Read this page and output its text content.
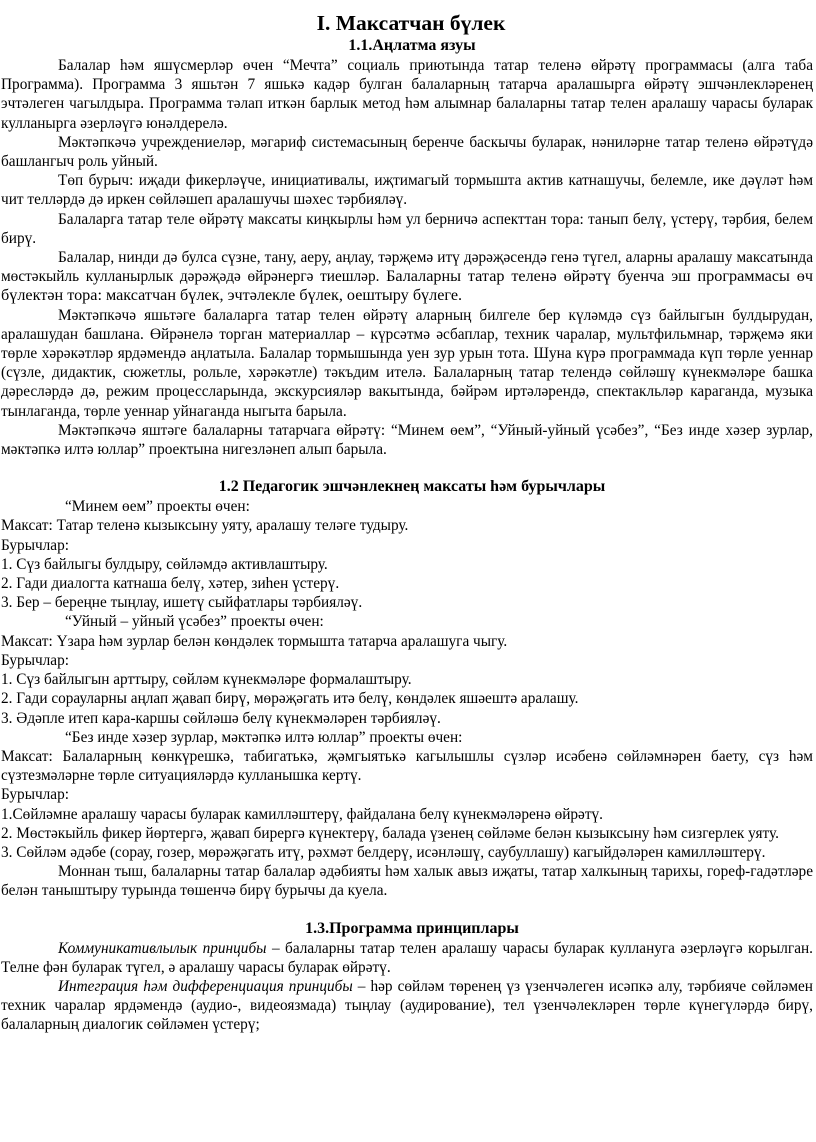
I. Максатчан бүлек
1.1.Аңлатма язуы

Балалар һәм яшүсмерләр өчен “Мечта” социаль приютында татар теленә өйрәтү программасы (алга таба Программа). Программа 3 яшьтән 7 яшькә кадәр булган балаларның татарча аралашырга өйрәтү эшчәнлекләренең эчтәлеген чагылдыра. Программа тәлап иткән барлык метод һәм алымнар балаларны татар телен аралашу чарасы буларак кулланырга әзерләүгә юнәлдерелә.

Мәктәпкәчә учреждениеләр, мәгариф системасының беренче баскычы буларак, нәниләрне татар теленә өйрәтүдә башлангыч роль уйный.

Төп бурыч: иҗади фикерләүче, инициативалы, иҗтимагый тормышта актив катнашучы, белемле, ике дәүләт һәм чит телләрдә дә иркен сөйләшеп аралашучы шәхес тәрбияләү.

Балаларга татар теле өйрәтү максаты киңкырлы һәм ул берничә аспекттан тора: танып белү, үстерү, тәрбия, белем бирү.

Балалар, нинди дә булса сүзне, тану, аеру, аңлау, тәрҗемә итү дәрәҗәсендә генә түгел, аларны аралашу максатында мөстәкыйль кулланырлык дәрәҗәдә өйрәнергә тиешләр. Балаларны татар теленә өйрәтү буенча эш программасы өч бүлектән тора: максатчан бүлек, эчтәлекле бүлек, оештыру бүлеге.

Мәктәпкәчә яшьтәге балаларга татар телен өйрәтү аларның билгеле бер күләмдә сүз байлыгын булдырудан, аралашудан башлана. Өйрәнелә торган материаллар – күрсәтмә әсбаплар, техник чаралар, мультфильмнар, тәрҗемә яки төрле хәрәкәтләр ярдәмендә аңлатыла. Балалар тормышында уен зур урын тота. Шуна күрә программада күп төрле уеннар (сүзле, дидактик, сюжетлы, рольле, хәрәкәтле) тәкъдим ителә. Балаларның татар телендә сөйләшү күнекмәләре башка дәресләрдә дә, режим процессларында, экскурсияләр вакытында, бәйрәм иртәләрендә, спектакльләр караганда, музыка тынлаганда, төрле уеннар уйнаганда ныгыта барыла.

Мәктәпкәчә яштәге балаларны татарчага өйрәтү: “Минем өем”, “Уйный-уйный үсәбез”, “Без инде хәзер зурлар, мәктәпкә илтә юллар” проектына нигезләнеп алып барыла.

1.2 Педагогик эшчәнлекнең максаты һәм бурычлары

“Минем өем” проекты өчен:

Максат: Татар теленә кызыксыну уяту, аралашу теләге тудыру.

Бурычлар:

1. Сүз байлыгы булдыру, сөйләмдә активлаштыру.

2. Гади диалогта катнаша белү, хәтер, зиһен үстерү.

3. Бер – береңне тыңлау, ишетү сыйфатлары тәрбияләү.

“Уйный – уйный үсәбез” проекты өчен:

Максат: Үзара һәм зурлар белән көндәлек тормышта татарча аралашуга чыгу.

Бурычлар:

1. Сүз байлыгын арттыру, сөйләм күнекмәләре формалаштыру.

2. Гади сорауларны аңлап җавап бирү, мөрәҗәгать итә белү, көндәлек яшәештә аралашу.

3. Әдәпле итеп кара-каршы сөйләшә белү күнекмәләрен тәрбияләү.

“Без инде хәзер зурлар, мәктәпкә илтә юллар” проекты өчен:

Максат: Балаларның көнкүрешкә, табигатькә, җәмгыятькә кагылышлы сүзләр исәбенә сөйләмнәрен баету, сүз һәм сүзтезмәләрне төрле ситуацияләрдә кулланышка кертү.

Бурычлар:

1.Сөйләмне аралашу чарасы буларак камилләштерү, файдалана белү күнекмәләренә өйрәтү.

2. Мөстәкыйль фикер йөртергә, җавап бирергә күнектерү, балада үзенең сөйләме белән кызыксыну һәм сизгерлек уяту.

3. Сөйләм әдәбе (сорау, гозер, мөрәҗәгать итү, рәхмәт белдерү, исәнләшү, саубуллашу) кагыйдәләрен камилләштерү.

Моннан тыш, балаларны татар балалар әдәбияты һәм халык авыз иҗаты, татар халкының тарихы, гореф-гадәтләре белән таныштыру турында төшенчә бирү бурычы да куела.

1.3.Программа принциплары

Коммуникативлылык принцибы – балаларны татар телен аралашу чарасы буларак куллануга әзерләүгә корылган. Телне фән буларак түгел, ә аралашу чарасы буларак өйрәтү.

Интеграция һәм дифференциация принцибы – һәр сөйләм төренең үз үзенчәлеген исәпкә алу, тәрбияче сөйләмен техник чаралар ярдәмендә (аудио-, видеоязмада) тыңлау (аудирование), тел үзенчәлекләрен төрле күнегүләрдә бирү, балаларның диалогик сөйләмен үстерү;
